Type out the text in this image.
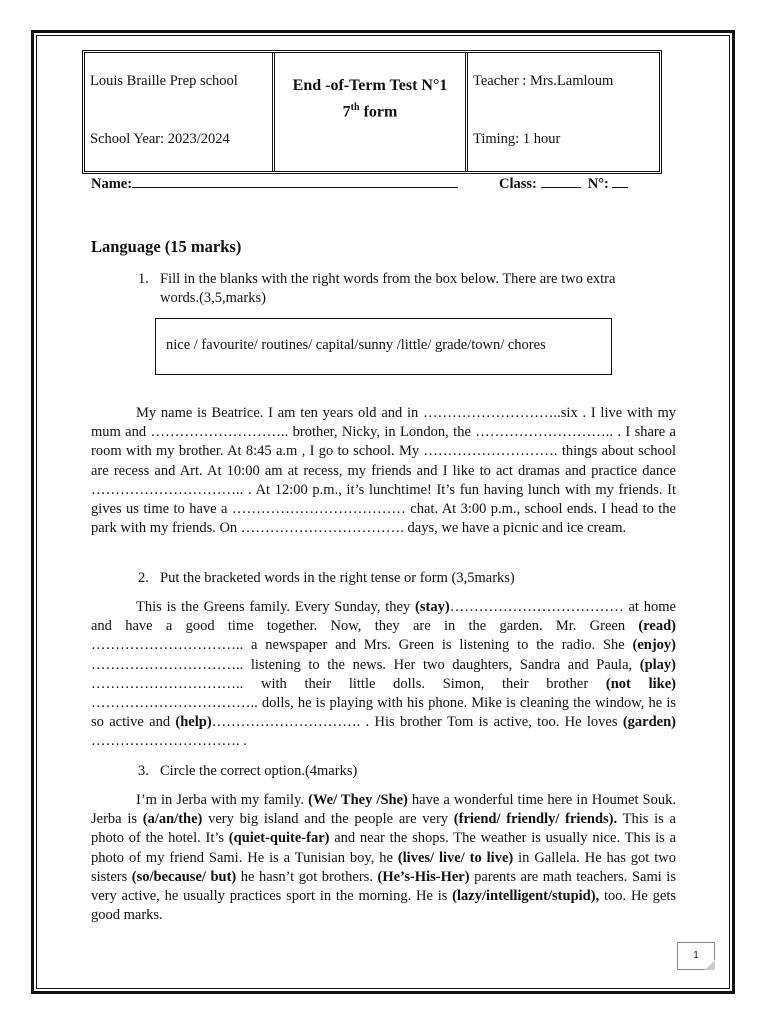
Louis Braille Prep school
School Year: 2023/2024
End -of-Term Test N°1
7th form
Teacher : Mrs.Lamloum
Timing: 1 hour
Name:	Class:	N°:
Language (15 marks)
1. Fill in the blanks with the right words from the box below. There are two extra words.(3,5,marks)
nice / favourite/ routines/ capital/sunny /little/ grade/town/ chores

My name is Beatrice. I am ten years old and in ………………………..six . I live with my mum and ……………………….. brother, Nicky, in London, the ……………………….. . I share a room with my brother. At 8:45 a.m , I go to school. My ………………………. things about school are recess and Art. At 10:00 am at recess, my friends and I like to act dramas and practice dance ………………………….. . At 12:00 p.m., it’s lunchtime! It’s fun having lunch with my friends. It gives us time to have a ……………………………… chat. At 3:00 p.m., school ends. I head to the park with my friends. On ……………………………. days, we have a picnic and ice cream.

2. Put the bracketed words in the right tense or form (3,5marks)

This is the Greens family. Every Sunday, they (stay)……………………………… at home and have a good time together. Now, they are in the garden. Mr. Green (read) ………………………….. a newspaper and Mrs. Green is listening to the radio. She (enjoy) ………………………….. listening to the news. Her two daughters, Sandra and Paula, (play) ………………………….. with their little dolls. Simon, their brother (not like) …………………………….. dolls, he is playing with his phone. Mike is cleaning the window, he is so active and (help)…………………………. . His brother Tom is active, too. He loves (garden) …………………………. .

3. Circle the correct option.(4marks)

I’m in Jerba with my family. (We/ They /She) have a wonderful time here in Houmet Souk. Jerba is (a/an/the) very big island and the people are very (friend/ friendly/ friends). This is a photo of the hotel. It’s (quiet-quite-far) and near the shops. The weather is usually nice. This is a photo of my friend Sami. He is a Tunisian boy, he (lives/ live/ to live) in Gallela. He has got two sisters (so/because/ but) he hasn’t got brothers. (He’s-His-Her) parents are math teachers. Sami is very active, he usually practices sport in the morning. He is (lazy/intelligent/stupid), too. He gets good marks.

1
